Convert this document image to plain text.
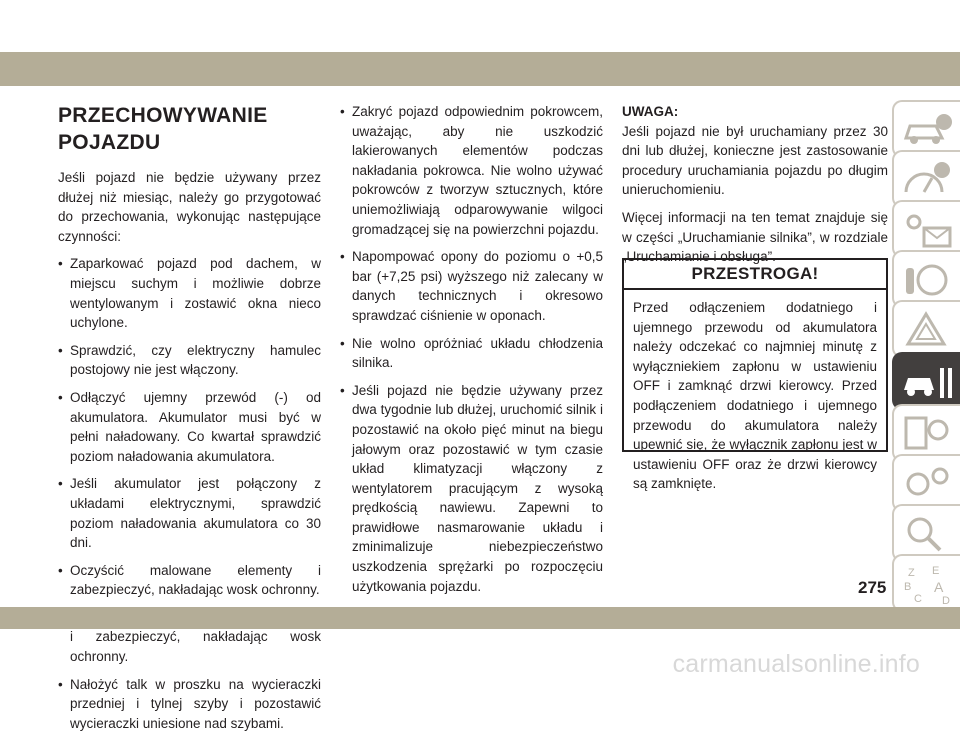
PRZECHOWYWANIE
POJAZDU

Jeśli pojazd nie będzie używany przez dłużej niż miesiąc, należy go przygotować do przechowania, wykonując następujące czynności:

• Zaparkować pojazd pod dachem, w miejscu suchym i możliwie dobrze wentylowanym i zostawić okna nieco uchylone.
• Sprawdzić, czy elektryczny hamulec postojowy nie jest włączony.
• Odłączyć ujemny przewód (-) od akumulatora. Akumulator musi być w pełni naładowany. Co kwartał sprawdzić poziom naładowania akumulatora.
• Jeśli akumulator jest połączony z układami elektrycznymi, sprawdzić poziom naładowania akumulatora co 30 dni.
• Oczyścić malowane elementy i zabezpieczyć, nakładając wosk ochronny.
• i zabezpieczyć, nakładając wosk ochronny.
• Nałożyć talk w proszku na wycieraczki przedniej i tylnej szyby i pozostawić wycieraczki uniesione nad szybami.
• Zakryć pojazd odpowiednim pokrowcem, uważając, aby nie uszkodzić lakierowanych elementów podczas nakładania pokrowca. Nie wolno używać pokrowców z tworzyw sztucznych, które uniemożliwiają odparowywanie wilgoci gromadzącej się na powierzchni pojazdu.
• Napompować opony do poziomu o +0,5 bar (+7,25 psi) wyższego niż zalecany w danych technicznych i okresowo sprawdzać ciśnienie w oponach.
• Nie wolno opróżniać układu chłodzenia silnika.
• Jeśli pojazd nie będzie używany przez dwa tygodnie lub dłużej, uruchomić silnik i pozostawić na około pięć minut na biegu jałowym oraz pozostawić w tym czasie układ klimatyzacji włączony z wentylatorem pracującym z wysoką prędkością nawiewu. Zapewni to prawidłowe nasmarowanie układu i zminimalizuje niebezpieczeństwo uszkodzenia sprężarki po rozpoczęciu użytkowania pojazdu.

UWAGA:

Jeśli pojazd nie był uruchamiany przez 30 dni lub dłużej, konieczne jest zastosowanie procedury uruchamiania pojazdu po długim unieruchomieniu.

Więcej informacji na ten temat znajduje się w części „Uruchamianie silnika”, w rozdziale „Uruchamianie i obsługa”.

PRZESTROGA!
Przed odłączeniem dodatniego i ujemnego przewodu od akumulatora należy odczekać co najmniej minutę z wyłączniekiem zapłonu w ustawieniu OFF i zamknąć drzwi kierowcy. Przed podłączeniem dodatniego i ujemnego przewodu do akumulatora należy upewnić się, że wyłącznik zapłonu jest w ustawieniu OFF oraz że drzwi kierowcy są zamknięte.
Z E
B A
C D
275
carmanualsonline.info
